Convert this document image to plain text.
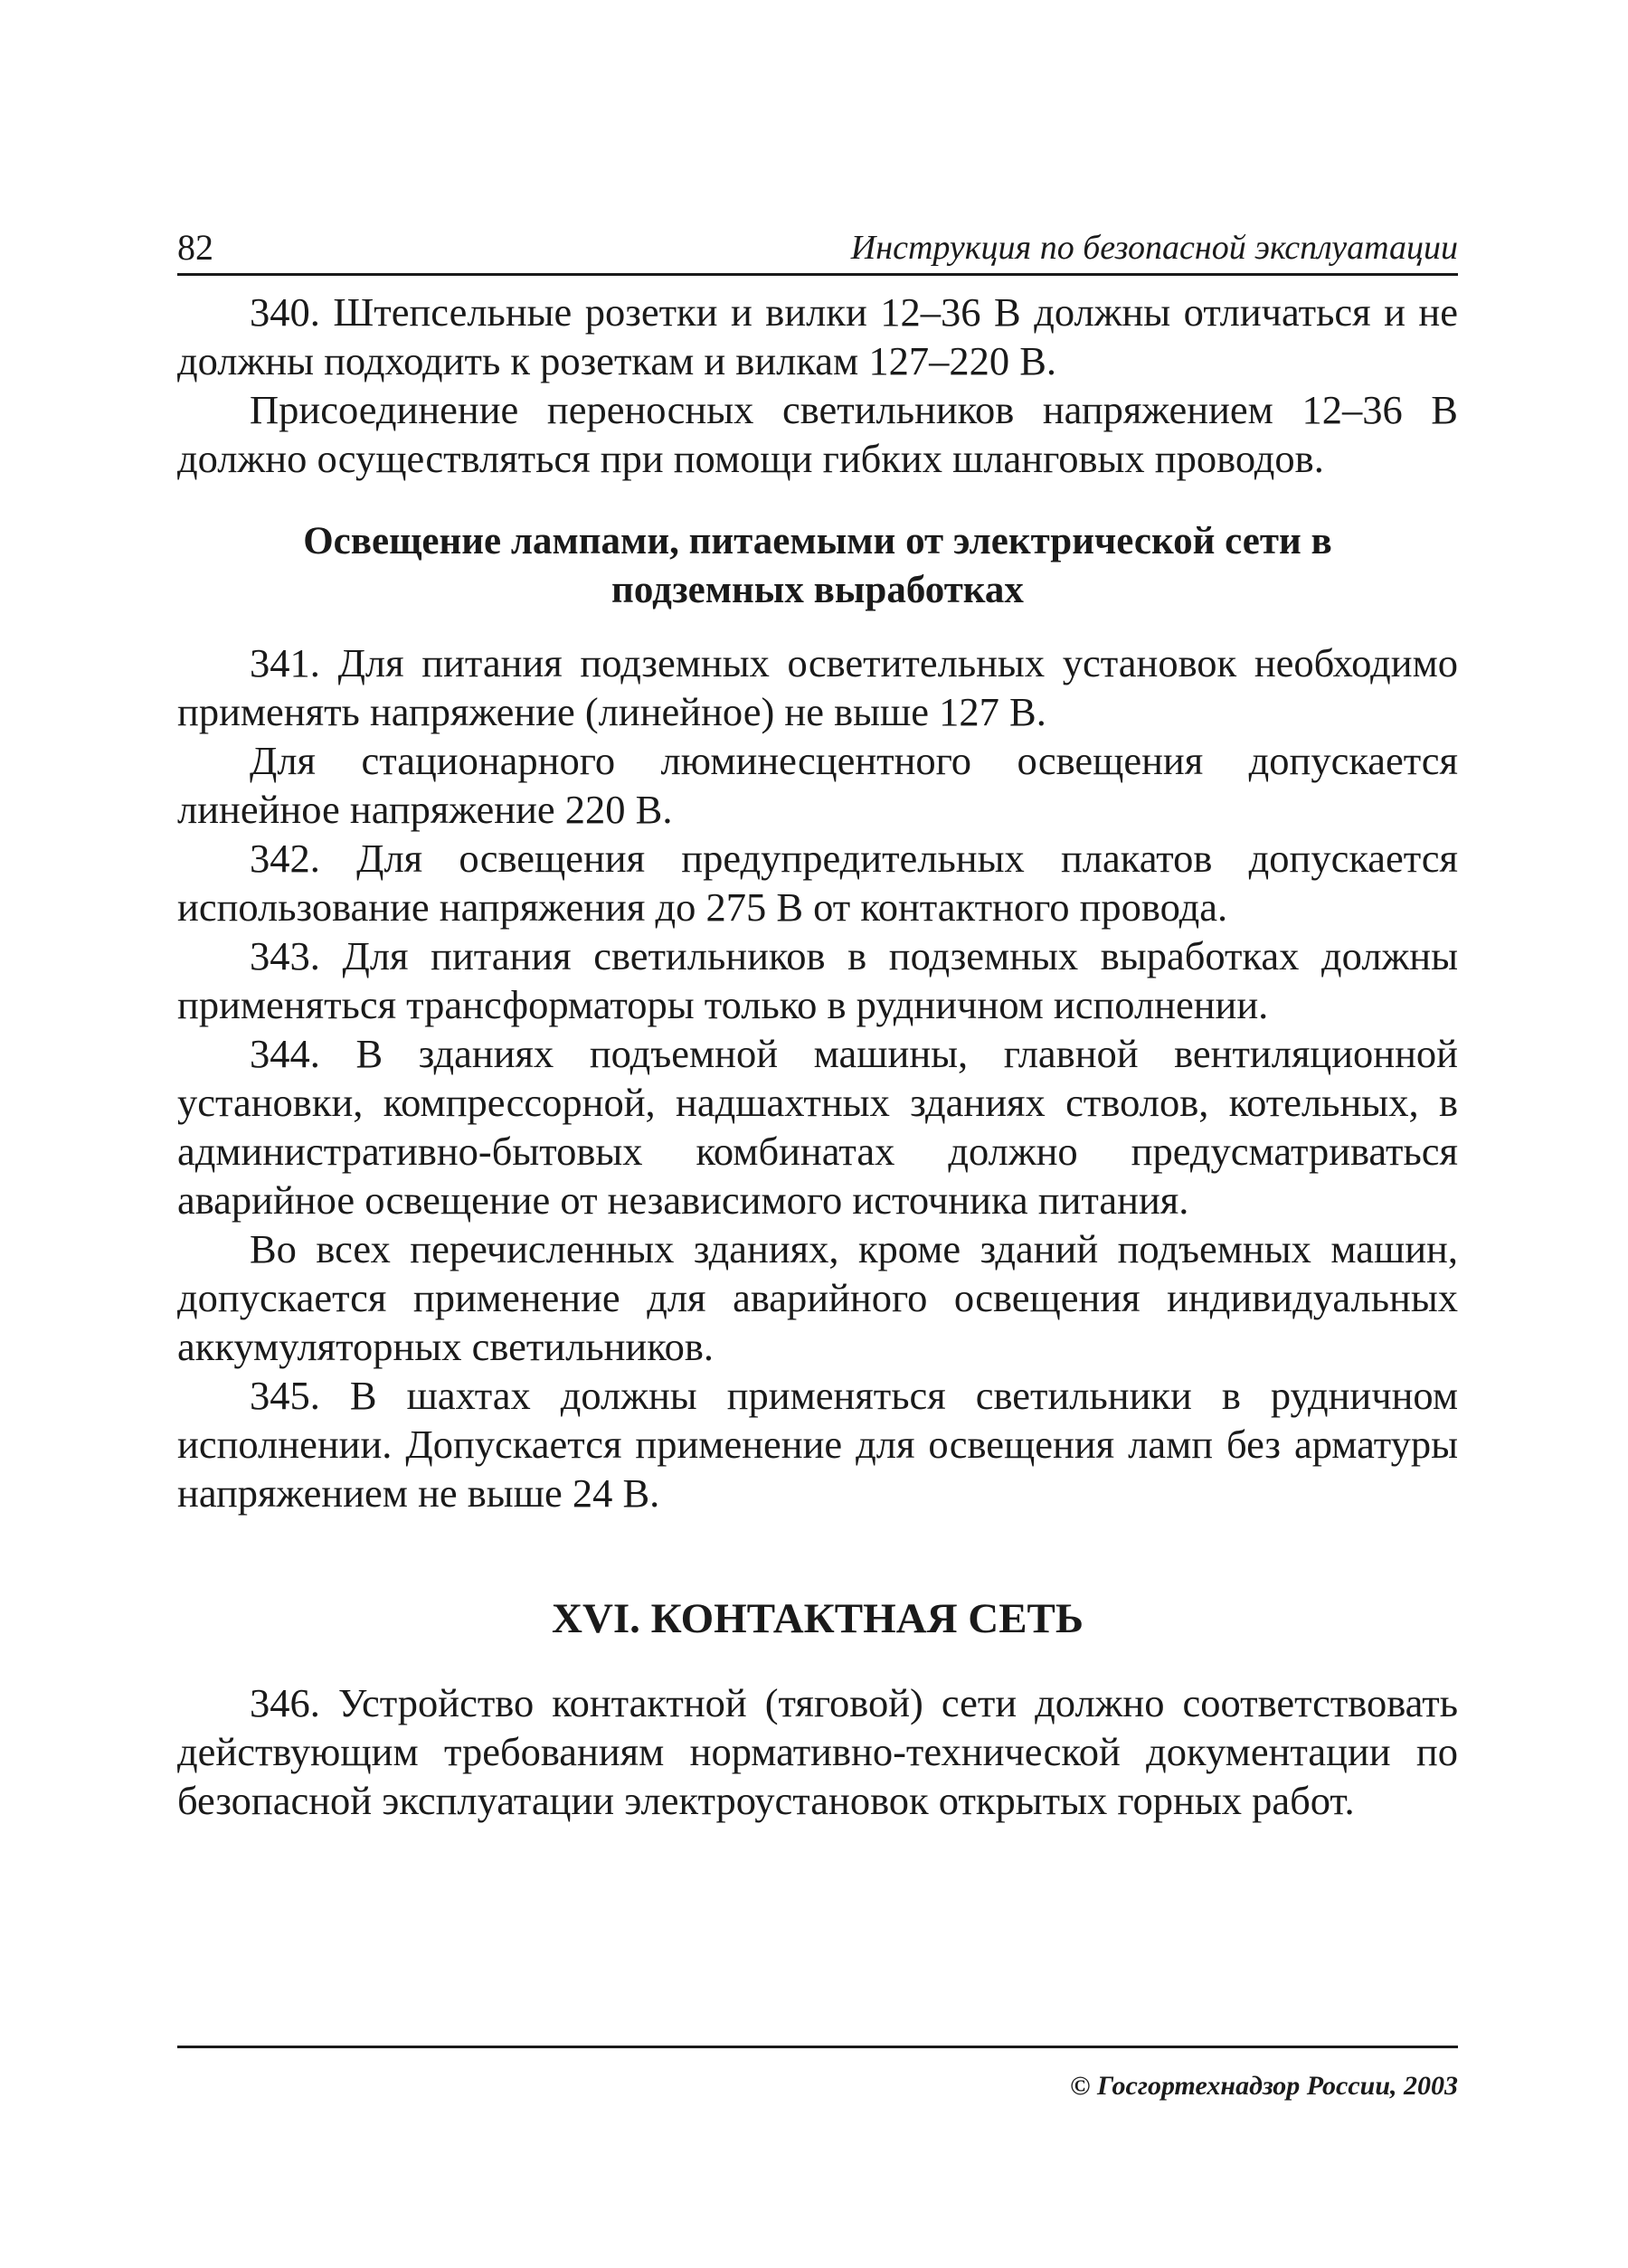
82	Инструкция по безопасной эксплуатации

340. Штепсельные розетки и вилки 12–36 В должны отличаться и не должны подходить к розеткам и вилкам 127–220 В.

Присоединение переносных светильников напряжением 12–36 В должно осуществляться при помощи гибких шланговых проводов.

Освещение лампами, питаемыми от электрической сети в подземных выработках

341. Для питания подземных осветительных установок необходимо применять напряжение (линейное) не выше 127 В.

Для стационарного люминесцентного освещения допускается линейное напряжение 220 В.

342. Для освещения предупредительных плакатов допускается использование напряжения до 275 В от контактного провода.

343. Для питания светильников в подземных выработках должны применяться трансформаторы только в рудничном исполнении.

344. В зданиях подъемной машины, главной вентиляционной установки, компрессорной, надшахтных зданиях стволов, котельных, в административно-бытовых комбинатах должно предусматриваться аварийное освещение от независимого источника питания.

Во всех перечисленных зданиях, кроме зданий подъемных машин, допускается применение для аварийного освещения индивидуальных аккумуляторных светильников.

345. В шахтах должны применяться светильники в рудничном исполнении. Допускается применение для освещения ламп без арматуры напряжением не выше 24 В.

XVI. КОНТАКТНАЯ СЕТЬ

346. Устройство контактной (тяговой) сети должно соответствовать действующим требованиям нормативно-технической документации по безопасной эксплуатации электроустановок открытых горных работ.

© Госгортехнадзор России, 2003
